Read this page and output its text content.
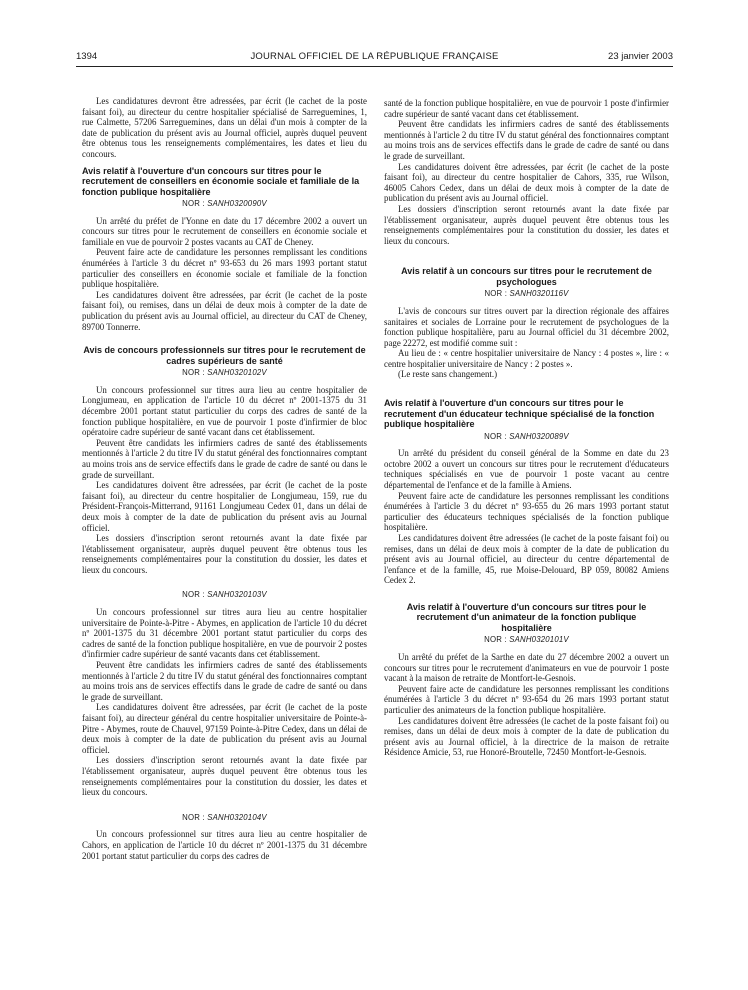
JOURNAL OFFICIEL DE LA RÉPUBLIQUE FRANÇAISE
1394	23 janvier 2003

Les candidatures devront être adressées, par écrit (le cachet de la poste faisant foi), au directeur du centre hospitalier spécialisé de Sarreguemines, 1, rue Calmette, 57206 Sarreguemines, dans un délai d'un mois à compter de la date de publication du présent avis au Journal officiel, auprès duquel peuvent être obtenus tous les renseignements complémentaires, les dates et lieu du concours.

Avis relatif à l'ouverture d'un concours sur titres pour le recrutement de conseillers en économie sociale et familiale de la fonction publique hospitalière
NOR : SANH0320090V

Un arrêté du préfet de l'Yonne en date du 17 décembre 2002 a ouvert un concours sur titres pour le recrutement de conseillers en économie sociale et familiale en vue de pourvoir 2 postes vacants au CAT de Cheney.

Peuvent faire acte de candidature les personnes remplissant les conditions énumérées à l'article 3 du décret nº 93-653 du 26 mars 1993 portant statut particulier des conseillers en économie sociale et familiale de la fonction publique hospitalière.

Les candidatures doivent être adressées, par écrit (le cachet de la poste faisant foi), ou remises, dans un délai de deux mois à compter de la date de publication du présent avis au Journal officiel, au directeur du CAT de Cheney, 89700 Tonnerre.

Avis de concours professionnels sur titres pour le recrutement de cadres supérieurs de santé
NOR : SANH0320102V

Un concours professionnel sur titres aura lieu au centre hospitalier de Longjumeau, en application de l'article 10 du décret nº 2001-1375 du 31 décembre 2001 portant statut particulier du corps des cadres de santé de la fonction publique hospitalière, en vue de pourvoir 1 poste d'infirmier de bloc opératoire cadre supérieur de santé vacant dans cet établissement.

Peuvent être candidats les infirmiers cadres de santé des établissements mentionnés à l'article 2 du titre IV du statut général des fonctionnaires comptant au moins trois ans de service effectifs dans le grade de cadre de santé ou dans le grade de surveillant.

Les candidatures doivent être adressées, par écrit (le cachet de la poste faisant foi), au directeur du centre hospitalier de Longjumeau, 159, rue du Président-François-Mitterrand, 91161 Longjumeau Cedex 01, dans un délai de deux mois à compter de la date de publication du présent avis au Journal officiel.

Les dossiers d'inscription seront retournés avant la date fixée par l'établissement organisateur, auprès duquel peuvent être obtenus tous les renseignements complémentaires pour la constitution du dossier, les dates et lieux du concours.

NOR : SANH0320103V

Un concours professionnel sur titres aura lieu au centre hospitalier universitaire de Pointe-à-Pitre - Abymes, en application de l'article 10 du décret nº 2001-1375 du 31 décembre 2001 portant statut particulier du corps des cadres de santé de la fonction publique hospitalière, en vue de pourvoir 2 postes d'infirmier cadre supérieur de santé vacants dans cet établissement.

Peuvent être candidats les infirmiers cadres de santé des établissements mentionnés à l'article 2 du titre IV du statut général des fonctionnaires comptant au moins trois ans de services effectifs dans le grade de cadre de santé ou dans le grade de surveillant.

Les candidatures doivent être adressées, par écrit (le cachet de la poste faisant foi), au directeur général du centre hospitalier universitaire de Pointe-à-Pitre - Abymes, route de Chauvel, 97159 Pointe-à-Pitre Cedex, dans un délai de deux mois à compter de la date de publication du présent avis au Journal officiel.

Les dossiers d'inscription seront retournés avant la date fixée par l'établissement organisateur, auprès duquel peuvent être obtenus tous les renseignements complémentaires pour la constitution du dossier, les dates et lieux du concours.

NOR : SANH0320104V

Un concours professionnel sur titres aura lieu au centre hospitalier de Cahors, en application de l'article 10 du décret nº 2001-1375 du 31 décembre 2001 portant statut particulier du corps des cadres de

santé de la fonction publique hospitalière, en vue de pourvoir 1 poste d'infirmier cadre supérieur de santé vacant dans cet établissement.

Peuvent être candidats les infirmiers cadres de santé des établissements mentionnés à l'article 2 du titre IV du statut général des fonctionnaires comptant au moins trois ans de services effectifs dans le grade de cadre de santé ou dans le grade de surveillant.

Les candidatures doivent être adressées, par écrit (le cachet de la poste faisant foi), au directeur du centre hospitalier de Cahors, 335, rue Wilson, 46005 Cahors Cedex, dans un délai de deux mois à compter de la date de publication du présent avis au Journal officiel.

Les dossiers d'inscription seront retournés avant la date fixée par l'établissement organisateur, auprès duquel peuvent être obtenus tous les renseignements complémentaires pour la constitution du dossier, les dates et lieux du concours.

Avis relatif à un concours sur titres pour le recrutement de psychologues
NOR : SANH0320116V

L'avis de concours sur titres ouvert par la direction régionale des affaires sanitaires et sociales de Lorraine pour le recrutement de psychologues de la fonction publique hospitalière, paru au Journal officiel du 31 décembre 2002, page 22272, est modifié comme suit :

Au lieu de : « centre hospitalier universitaire de Nancy : 4 postes », lire : « centre hospitalier universitaire de Nancy : 2 postes ».

(Le reste sans changement.)

Avis relatif à l'ouverture d'un concours sur titres pour le recrutement d'un éducateur technique spécialisé de la fonction publique hospitalière
NOR : SANH0320089V

Un arrêté du président du conseil général de la Somme en date du 23 octobre 2002 a ouvert un concours sur titres pour le recrutement d'éducateurs techniques spécialisés en vue de pourvoir 1 poste vacant au centre départemental de l'enfance et de la famille à Amiens.

Peuvent faire acte de candidature les personnes remplissant les conditions énumérées à l'article 3 du décret nº 93-655 du 26 mars 1993 portant statut particulier des éducateurs techniques spécialisés de la fonction publique hospitalière.

Les candidatures doivent être adressées (le cachet de la poste faisant foi) ou remises, dans un délai de deux mois à compter de la date de publication du présent avis au Journal officiel, au directeur du centre départemental de l'enfance et de la famille, 45, rue Moise-Delouard, BP 059, 80082 Amiens Cedex 2.

Avis relatif à l'ouverture d'un concours sur titres pour le recrutement d'un animateur de la fonction publique hospitalière
NOR : SANH0320101V

Un arrêté du préfet de la Sarthe en date du 27 décembre 2002 a ouvert un concours sur titres pour le recrutement d'animateurs en vue de pourvoir 1 poste vacant à la maison de retraite de Montfort-le-Gesnois.

Peuvent faire acte de candidature les personnes remplissant les conditions énumérées à l'article 3 du décret nº 93-654 du 26 mars 1993 portant statut particulier des animateurs de la fonction publique hospitalière.

Les candidatures doivent être adressées (le cachet de la poste faisant foi) ou remises, dans un délai de deux mois à compter de la date de publication du présent avis au Journal officiel, à la directrice de la maison de retraite Résidence Amicie, 53, rue Honoré-Broutelle, 72450 Montfort-le-Gesnois.
